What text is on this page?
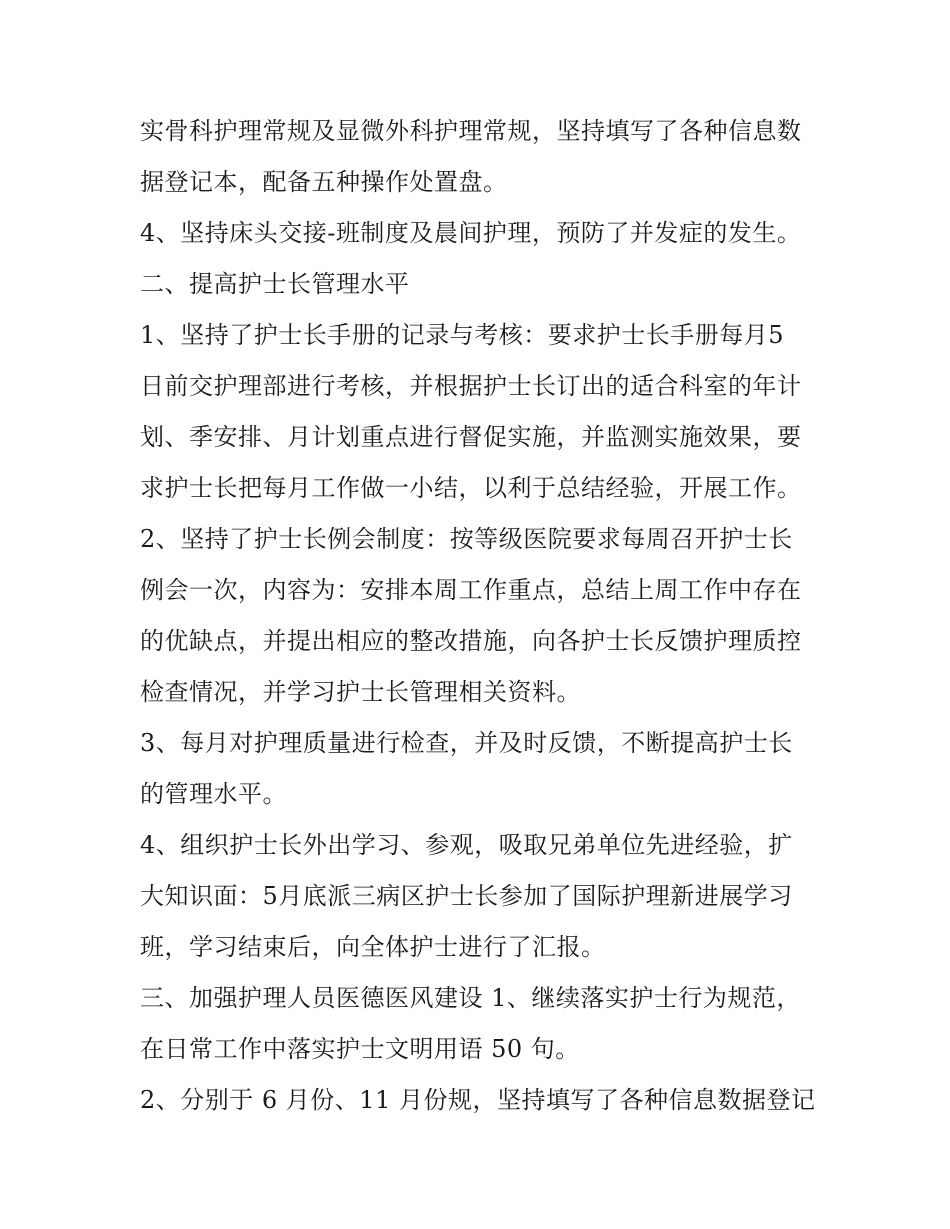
实骨科护理常规及显微外科护理常规，坚持填写了各种信息数
据登记本，配备五种操作处置盘。
4、坚持床头交接-班制度及晨间护理，预防了并发症的发生。
二、提高护士长管理水平
1、坚持了护士长手册的记录与考核：要求护士长手册每月5
日前交护理部进行考核，并根据护士长订出的适合科室的年计
划、季安排、月计划重点进行督促实施，并监测实施效果，要
求护士长把每月工作做一小结，以利于总结经验，开展工作。
2、坚持了护士长例会制度：按等级医院要求每周召开护士长
例会一次，内容为：安排本周工作重点，总结上周工作中存在
的优缺点，并提出相应的整改措施，向各护士长反馈护理质控
检查情况，并学习护士长管理相关资料。
3、每月对护理质量进行检查，并及时反馈，不断提高护士长
的管理水平。
4、组织护士长外出学习、参观，吸取兄弟单位先进经验，扩
大知识面：5月底派三病区护士长参加了国际护理新进展学习
班，学习结束后，向全体护士进行了汇报。
三、加强护理人员医德医风建设 1、继续落实护士行为规范，
在日常工作中落实护士文明用语 50 句。
2、分别于 6 月份、11 月份规，坚持填写了各种信息数据登记
